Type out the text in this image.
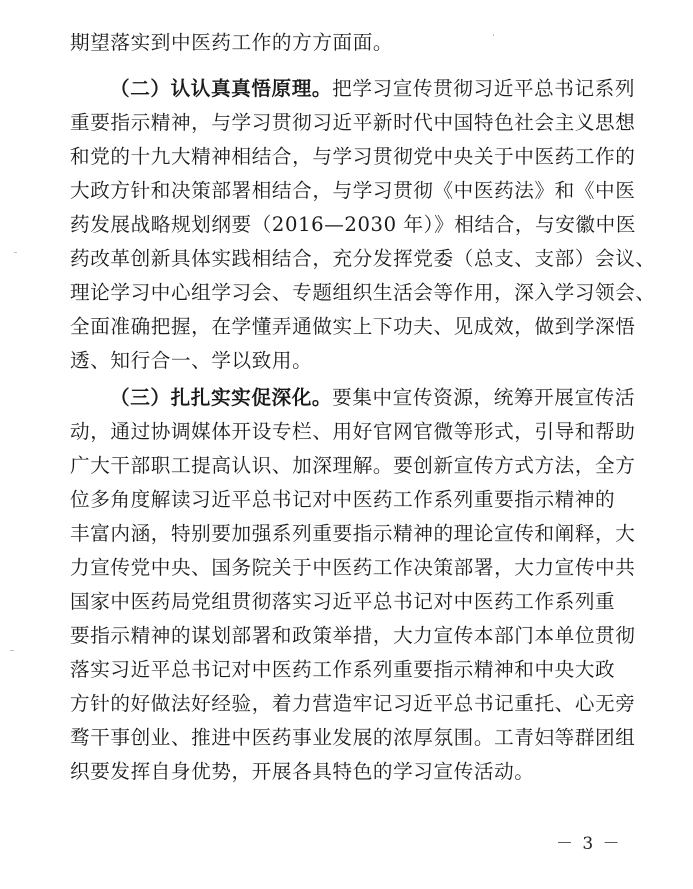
期望落实到中医药工作的方方面面。
（二）认认真真悟原理。把学习宣传贯彻习近平总书记系列
重要指示精神，与学习贯彻习近平新时代中国特色社会主义思想
和党的十九大精神相结合，与学习贯彻党中央关于中医药工作的
大政方针和决策部署相结合，与学习贯彻《中医药法》和《中医
药发展战略规划纲要（2016—2030 年）》相结合，与安徽中医
药改革创新具体实践相结合，充分发挥党委（总支、支部）会议、
理论学习中心组学习会、专题组织生活会等作用，深入学习领会、
全面准确把握，在学懂弄通做实上下功夫、见成效，做到学深悟
透、知行合一、学以致用。
（三）扎扎实实促深化。要集中宣传资源，统筹开展宣传活
动，通过协调媒体开设专栏、用好官网官微等形式，引导和帮助
广大干部职工提高认识、加深理解。要创新宣传方式方法，全方
位多角度解读习近平总书记对中医药工作系列重要指示精神的
丰富内涵，特别要加强系列重要指示精神的理论宣传和阐释，大
力宣传党中央、国务院关于中医药工作决策部署，大力宣传中共
国家中医药局党组贯彻落实习近平总书记对中医药工作系列重
要指示精神的谋划部署和政策举措，大力宣传本部门本单位贯彻
落实习近平总书记对中医药工作系列重要指示精神和中央大政
方针的好做法好经验，着力营造牢记习近平总书记重托、心无旁
骛干事创业、推进中医药事业发展的浓厚氛围。工青妇等群团组
织要发挥自身优势，开展各具特色的学习宣传活动。
－ 3 －
